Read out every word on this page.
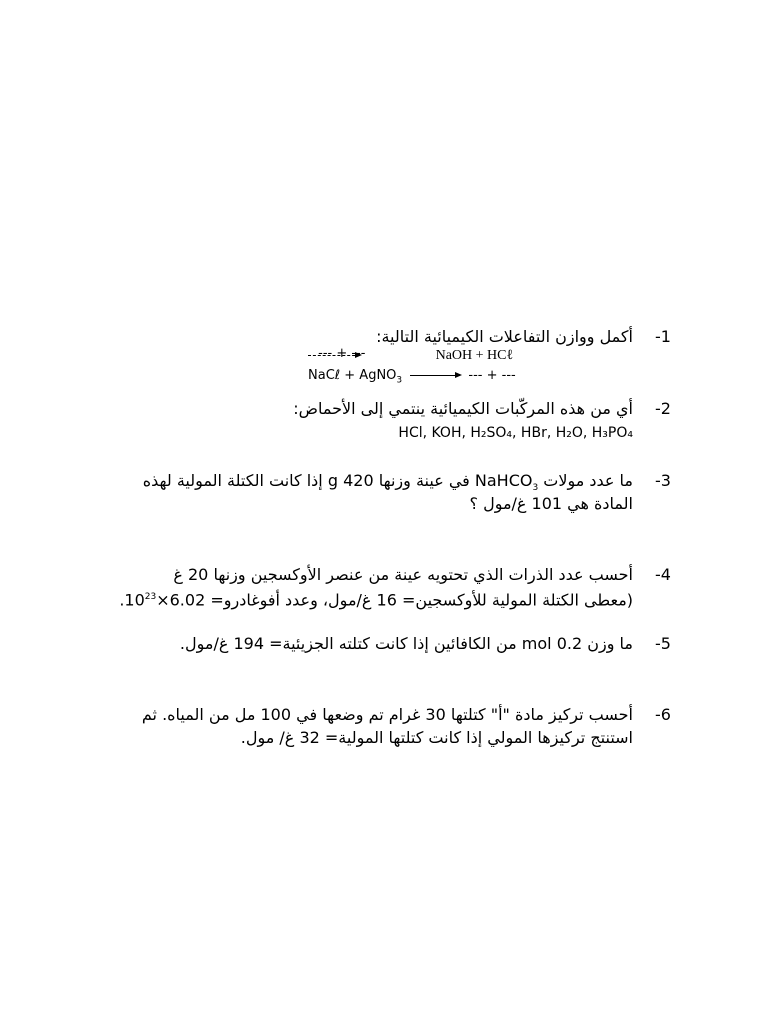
-1
أكمل ووازن التفاعلات الكيميائية التالية:
--- + ---	NaOH + HCℓ
NaCℓ + AgNO$_3$	--- + ---
-2
أي من هذه المركّبات الكيميائية ينتمي إلى الأحماض:
HCl, KOH, H₂SO₄, HBr, H₂O, H₃PO₄
-3
ما عدد مولات NaHCO$_3$ في عينة وزنها 420 g إذا كانت الكتلة المولية لهذه
المادة هي 101 غ/مول ؟
-4
أحسب عدد الذرات الذي تحتويه عينة من عنصر الأوكسجين وزنها 20 غ
(معطى الكتلة المولية للأوكسجين= 16 غ/مول، وعدد أفوغادرو= $6.02\times 10^{23}$.
-5
ما وزن 0.2 mol من الكافائين إذا كانت كتلته الجزيئية= 194 غ/مول.
-6
أحسب تركيز مادة "أ" كتلتها 30 غرام تم وضعها في 100 مل من المياه. ثم
استنتج تركيزها المولي إذا كانت كتلتها المولية= 32 غ/ مول.
